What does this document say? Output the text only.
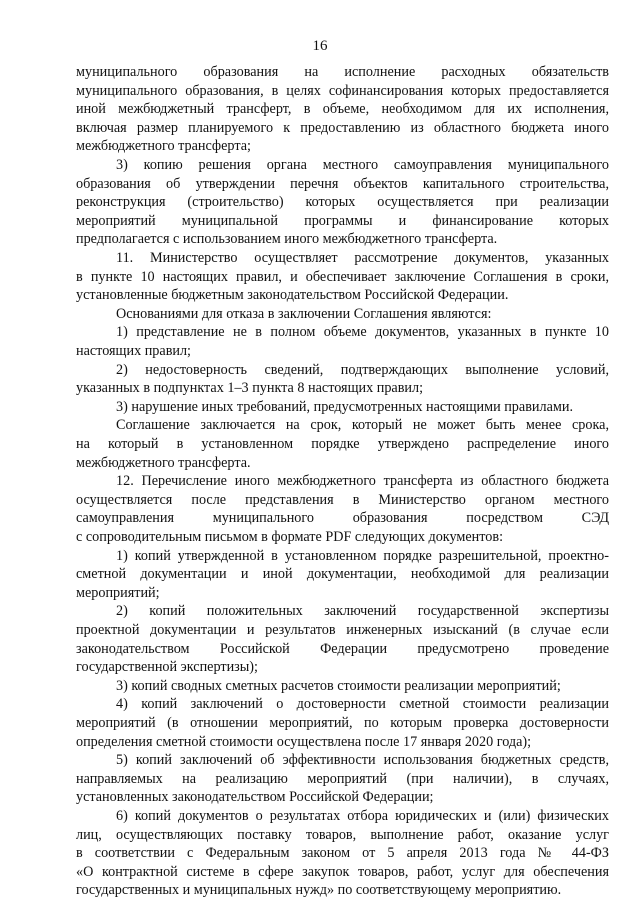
16
муниципального образования на исполнение расходных обязательств
муниципального образования, в целях софинансирования которых предоставляется
иной межбюджетный трансферт, в объеме, необходимом для их исполнения,
включая размер планируемого к предоставлению из областного бюджета иного
межбюджетного трансферта;
3) копию решения органа местного самоуправления муниципального
образования об утверждении перечня объектов капитального строительства,
реконструкция (строительство) которых осуществляется при реализации
мероприятий муниципальной программы и финансирование которых
предполагается с использованием иного межбюджетного трансферта.
11. Министерство осуществляет рассмотрение документов, указанных
в пункте 10 настоящих правил, и обеспечивает заключение Соглашения в сроки,
установленные бюджетным законодательством Российской Федерации.
Основаниями для отказа в заключении Соглашения являются:
1) представление не в полном объеме документов, указанных в пункте 10
настоящих правил;
2) недостоверность сведений, подтверждающих выполнение условий,
указанных в подпунктах 1–3 пункта 8 настоящих правил;
3) нарушение иных требований, предусмотренных настоящими правилами.
Соглашение заключается на срок, который не может быть менее срока,
на который в установленном порядке утверждено распределение иного
межбюджетного трансферта.
12. Перечисление иного межбюджетного трансферта из областного бюджета
осуществляется после представления в Министерство органом местного
самоуправления муниципального образования посредством СЭД
с сопроводительным письмом в формате PDF следующих документов:
1) копий утвержденной в установленном порядке разрешительной, проектно-
сметной документации и иной документации, необходимой для реализации
мероприятий;
2) копий положительных заключений государственной экспертизы
проектной документации и результатов инженерных изысканий (в случае если
законодательством Российской Федерации предусмотрено проведение
государственной экспертизы);
3) копий сводных сметных расчетов стоимости реализации мероприятий;
4) копий заключений о достоверности сметной стоимости реализации
мероприятий (в отношении мероприятий, по которым проверка достоверности
определения сметной стоимости осуществлена после 17 января 2020 года);
5) копий заключений об эффективности использования бюджетных средств,
направляемых на реализацию мероприятий (при наличии), в случаях,
установленных законодательством Российской Федерации;
6) копий документов о результатах отбора юридических и (или) физических
лиц, осуществляющих поставку товаров, выполнение работ, оказание услуг
в соответствии с Федеральным законом от 5 апреля 2013 года № 44-ФЗ
«О контрактной системе в сфере закупок товаров, работ, услуг для обеспечения
государственных и муниципальных нужд» по соответствующему мероприятию.
